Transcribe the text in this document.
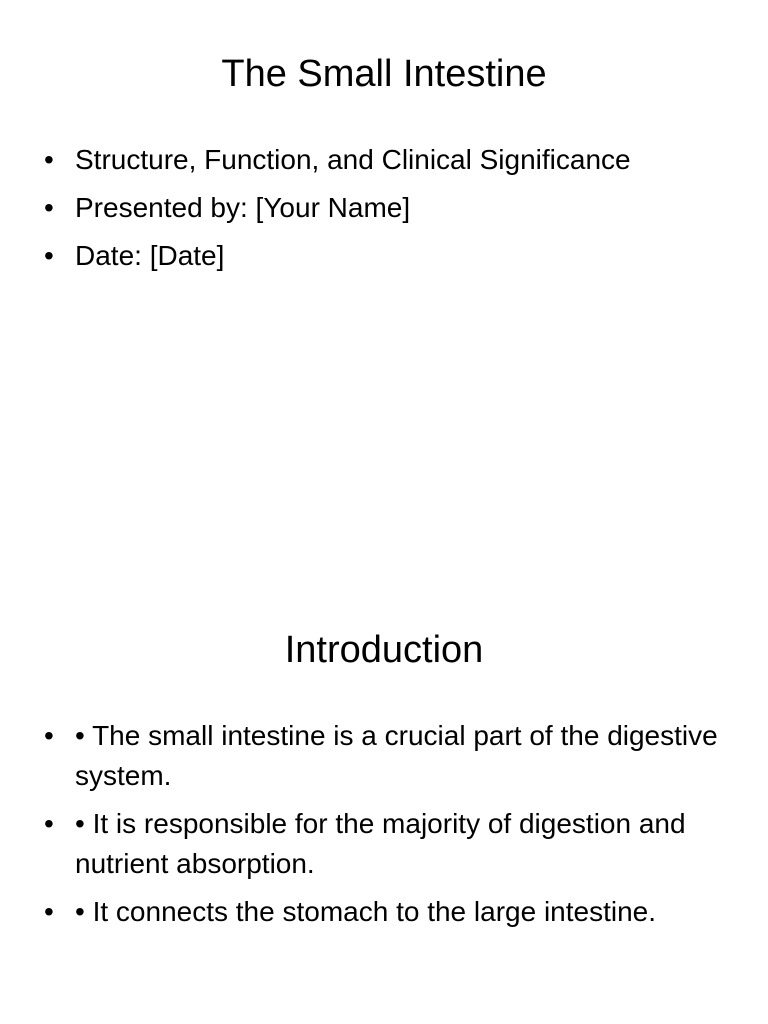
The Small Intestine
• Structure, Function, and Clinical Significance
• Presented by: [Your Name]
• Date: [Date]
Introduction
• • The small intestine is a crucial part of the digestive system.
• • It is responsible for the majority of digestion and nutrient absorption.
• • It connects the stomach to the large intestine.
